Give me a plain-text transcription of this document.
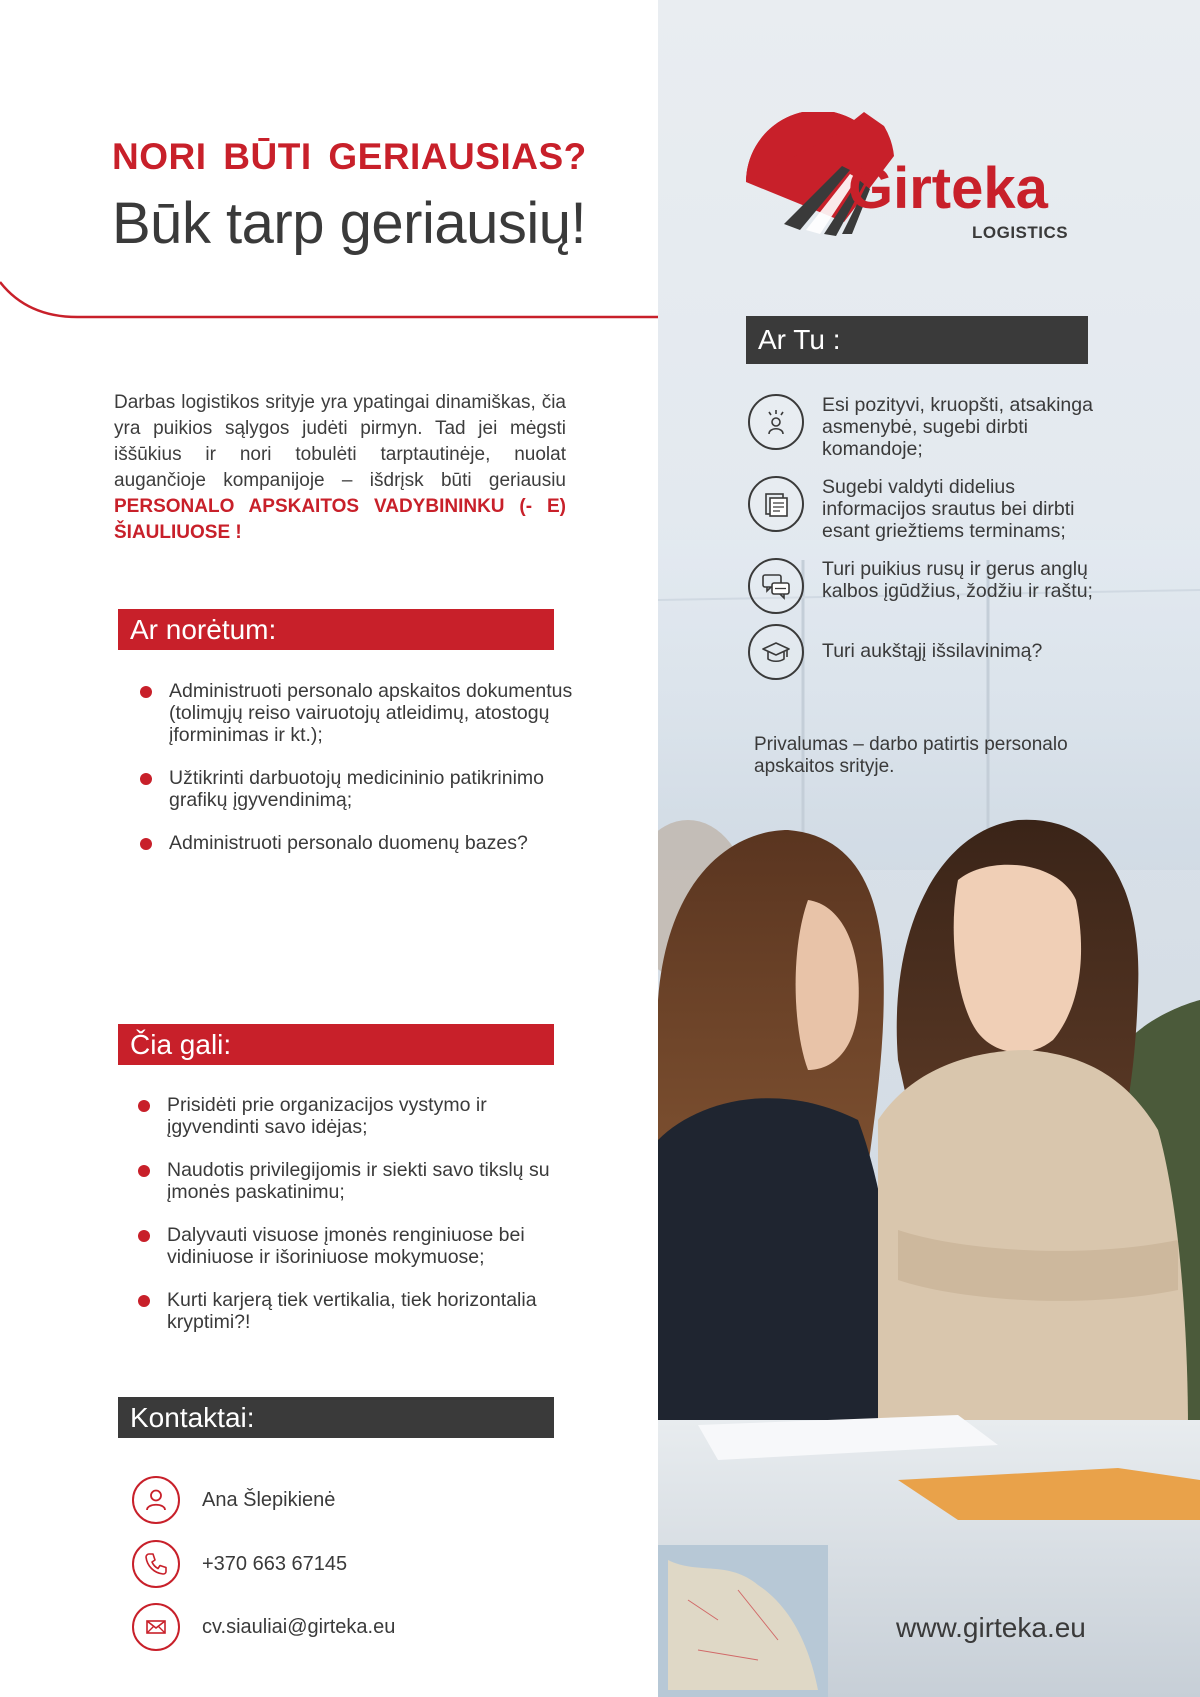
NORI BŪTI GERIAUSIAS?
Būk tarp geriausių!

Darbas logistikos srityje yra ypatingai dinamiškas, čia yra puikios sąlygos judėti pirmyn. Tad jei mėgsti iššūkius ir nori tobulėti tarptautinėje, nuolat augančioje kompanijoje – išdrįsk būti geriausiu PERSONALO APSKAITOS VADYBININKU (- E) ŠIAULIUOSE !

Ar norėtum:
Administruoti personalo apskaitos dokumentus (tolimųjų reiso vairuotojų atleidimų, atostogų įforminimas ir kt.);
Užtikrinti darbuotojų medicininio patikrinimo grafikų įgyvendinimą;
Administruoti personalo duomenų bazes?
Čia gali:
Prisidėti prie organizacijos vystymo ir įgyvendinti savo idėjas;
Naudotis privilegijomis ir siekti savo tikslų su įmonės paskatinimu;
Dalyvauti visuose įmonės renginiuose bei vidiniuose ir išoriniuose mokymuose;
Kurti karjerą tiek vertikalia, tiek horizontalia kryptimi?!
Kontaktai:
Ana Šlepikienė
+370 663 67145
cv.siauliai@girteka.eu
Girteka
LOGISTICS
Ar Tu :
Esi pozityvi, kruopšti, atsakinga asmenybė, sugebi dirbti komandoje;
Sugebi valdyti didelius informacijos srautus bei dirbti esant griežtiems terminams;
Turi puikius rusų ir gerus anglų kalbos įgūdžius, žodžiu ir raštu;
Turi aukštąjį išsilavinimą?

Privalumas – darbo patirtis personalo apskaitos srityje.

www.girteka.eu
